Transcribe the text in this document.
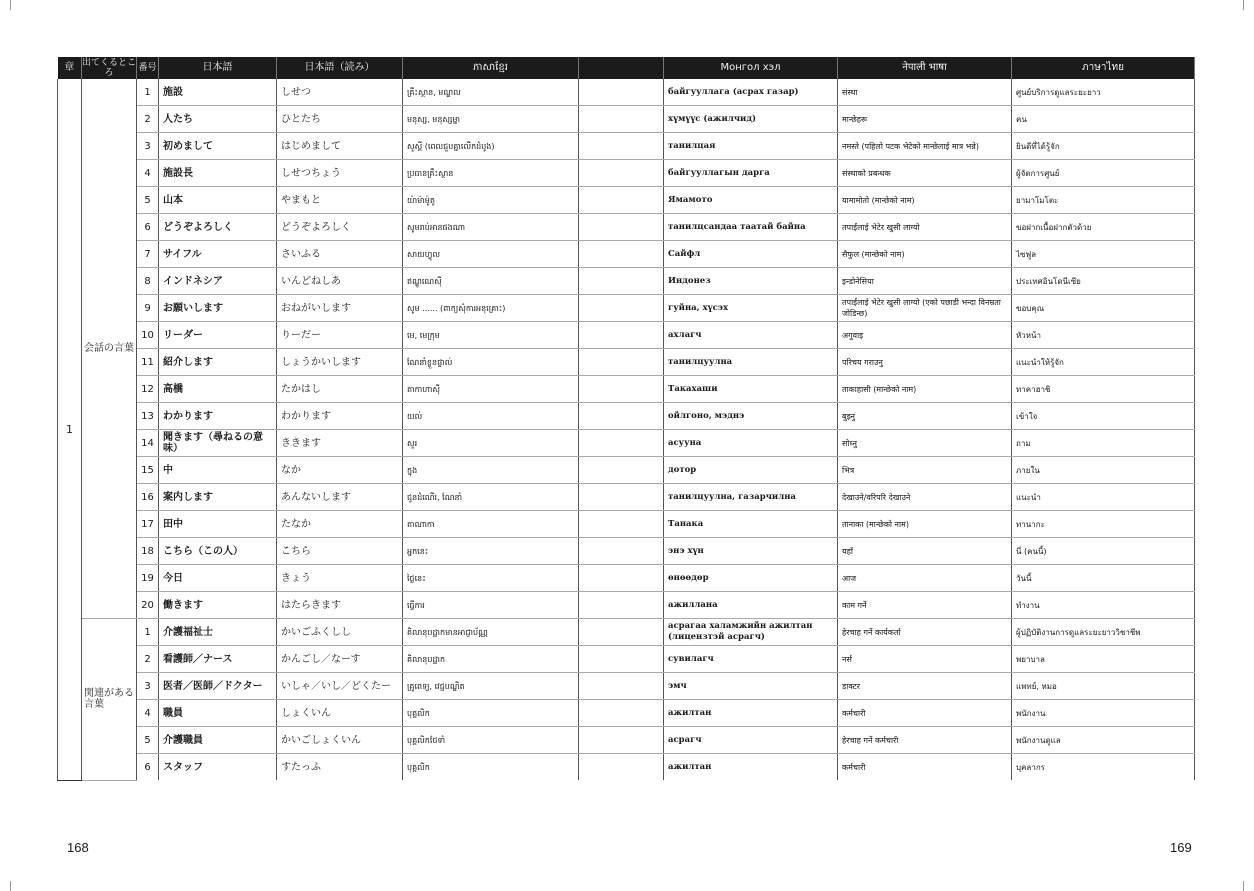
章	出てくるところ	番号	日本語	日本語（読み）	ភាសាខ្មែរ		Монгол хэл	नेपाली भाषा	ภาษาไทย
1	会話の言葉	1	施設	しせつ	គ្រឹះស្ថាន, មណ្ឌល		байгууллага (асрах газар)	संस्था	ศูนย์บริการดูแลระยะยาว
		2	人たち	ひとたち	មនុស្ស, មនុស្សម្នា		хүмүүс (ажилчид)	मान्छेहरू	คน
		3	初めまして	はじめまして	សួស្តី (ពេលជួបគ្នាលើកដំបូង)		танилцая	नमस्ते (पहिलो पटक भेटेको मान्छेलाई मात्र भन्ने)	ยินดีที่ได้รู้จัก
		4	施設長	しせつちょう	ប្រធានគ្រឹះស្ថាន		байгууллагын дарга	संस्थाको प्रबन्धक	ผู้จัดการศูนย์
		5	山本	やまもと	យ៉ាម៉ាម៉ូតូ		Ямамото	यामामोतो (मान्छेको नाम)	ยามาโมโตะ
		6	どうぞよろしく	どうぞよろしく	សូមរាប់អានផងណា		танилцсандаа таатай байна	तपाईंलाई भेटेर खुसी लाग्यो	ขอฝากเนื้อฝากตัวด้วย
		7	サイフル	さいふる	សាយហ្វូល		Сайфл	सैफुल (मान्छेको नाम)	ไซฟูล
		8	インドネシア	いんどねしあ	ឥណ្ឌូណេស៊ី		Индонез	इन्डोनेसिया	ประเทศอินโดนีเซีย
		9	お願いします	おねがいします	សូម ...... (ពាក្យសុំការអនុគ្រោះ)		гуйна, хүсэх	तपाईंलाई भेटेर खुसी लाग्यो (एको पछाडी भन्दा विनम्रता जोडिन्छ)	ขอบคุณ
		10	リーダー	りーだー	មេ, មេក្រុម		ахлагч	अगुवाइ	หัวหน้า
		11	紹介します	しょうかいします	ណែនាំខ្លួនផ្ទាល់		танилцуулна	परिचय गराउनु	แนะนำให้รู้จัก
		12	高橋	たかはし	តាកាហាស៊ី		Такахаши	ताकाहासी (मान्छेको नाम)	ทาคาฮาชิ
		13	わかります	わかります	យល់		ойлгоно, мэднэ	बुझ्नु	เข้าใจ
		14	聞きます（尋ねるの意味）	ききます	សួរ		асууна	सोध्नु	ถาม
		15	中	なか	ក្នុង		дотор	भित्र	ภายใน
		16	案内します	あんないします	ជូនដំណើរ, ណែនាំ		танилцуулна, газарчилна	देखाउने/वरिपरि देखाउने	แนะนำ
		17	田中	たなか	តាណាកា		Танака	तानाका (मान्छेको नाम)	ทานากะ
		18	こちら（この人）	こちら	អ្នកនេះ		энэ хүн	यहाँ	นี่ (คนนี้)
		19	今日	きょう	ថ្ងៃនេះ		өнөөдөр	आज	วันนี้
		20	働きます	はたらきます	ធ្វើការ		ажиллана	काम गर्ने	ทำงาน
	関連がある言葉	1	介護福祉士	かいごふくしし	គិលានុបដ្ឋាកមានអាជ្ញាប័ណ្ណ		асрагаа халамжийн ажилтан (лицензтэй асрагч)	हेरचाह गर्ने कार्यकर्ता	ผู้ปฏิบัติงานการดูแลระยะยาววิชาชีพ
		2	看護師／ナース	かんごし／なーす	គិលានុបដ្ឋាក		сувилагч	नर्स	พยาบาล
		3	医者／医師／ドクター	いしゃ／いし／どくたー	គ្រូពេទ្យ, វេជ្ជបណ្ឌិត		эмч	डाक्टर	แพทย์, หมอ
		4	職員	しょくいん	បុគ្គលិក		ажилтан	कर्मचारी	พนักงาน
		5	介護職員	かいごしょくいん	បុគ្គលិកថែទាំ		асрагч	हेरचाह गर्ने कर्मचारी	พนักงานดูแล
		6	スタッフ	すたっふ	បុគ្គលិក		ажилтан	कर्मचारी	บุคลากร
168	169
